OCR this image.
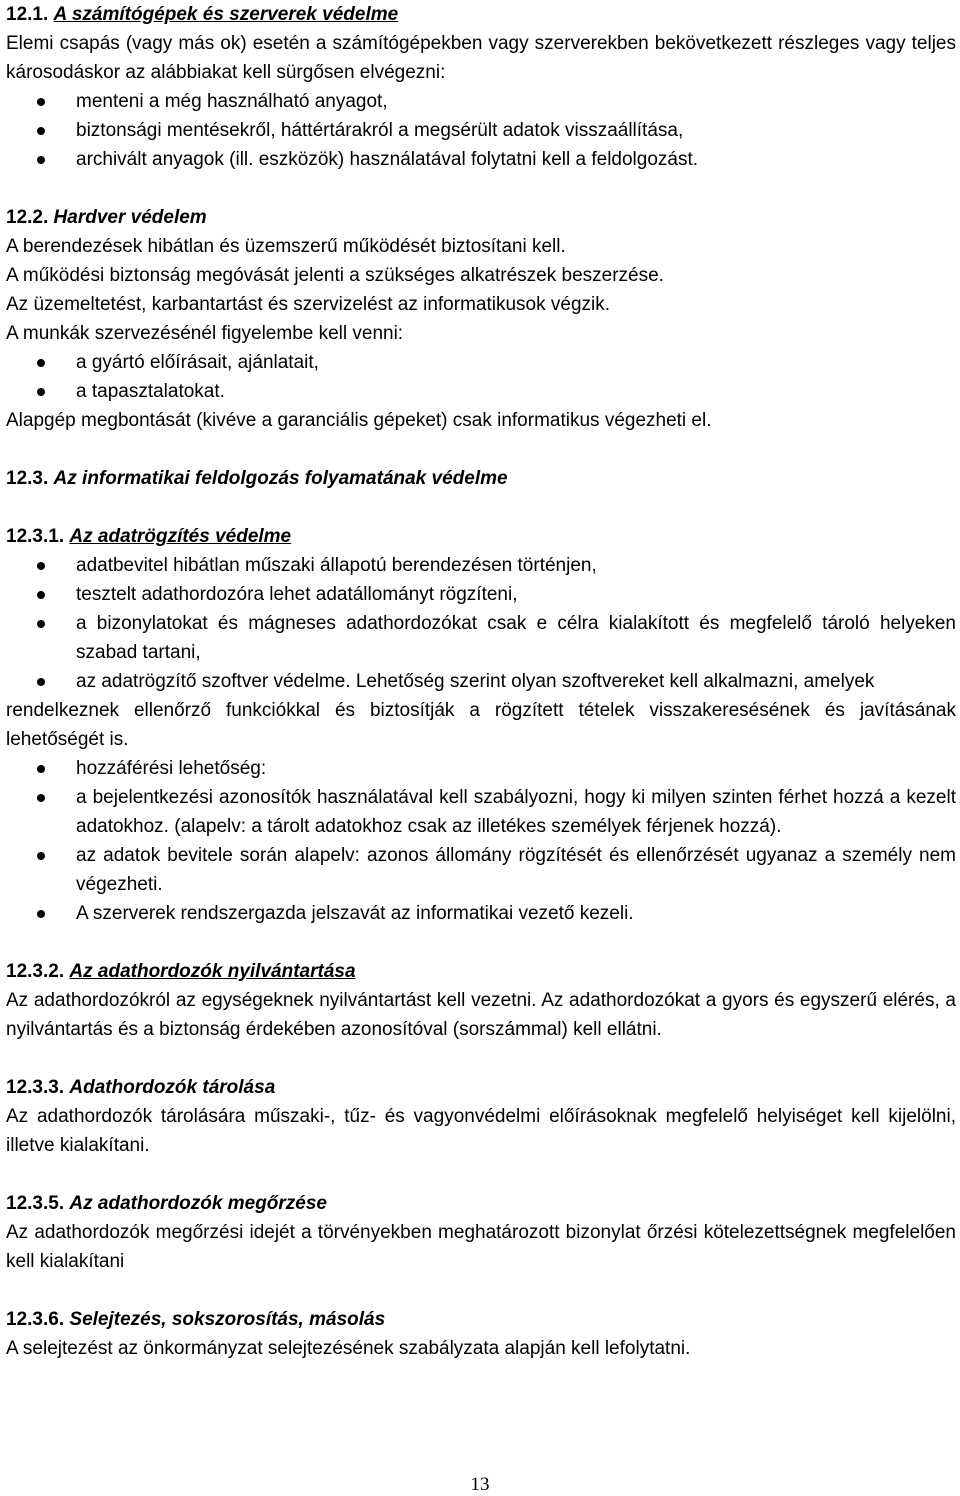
12.1. A számítógépek és szerverek védelme

Elemi csapás (vagy más ok) esetén a számítógépekben vagy szerverekben bekövetkezett részleges vagy teljes károsodáskor az alábbiakat kell sürgősen elvégezni:

menteni a még használható anyagot,
biztonsági mentésekről, háttértárakról a megsérült adatok visszaállítása,
archivált anyagok (ill. eszközök) használatával folytatni kell a feldolgozást.
12.2. Hardver védelem

A berendezések hibátlan és üzemszerű működését biztosítani kell.

A működési biztonság megóvását jelenti a szükséges alkatrészek beszerzése.

Az üzemeltetést, karbantartást és szervizelést az informatikusok végzik.

A munkák szervezésénél figyelembe kell venni:

a gyártó előírásait, ajánlatait,
a tapasztalatokat.

Alapgép megbontását (kivéve a garanciális gépeket) csak informatikus végezheti el.

12.3. Az informatikai feldolgozás folyamatának védelme
12.3.1. Az adatrögzítés védelme
adatbevitel hibátlan műszaki állapotú berendezésen történjen,
tesztelt adathordozóra lehet adatállományt rögzíteni,
a bizonylatokat és mágneses adathordozókat csak e célra kialakított és megfelelő tároló helyeken szabad tartani,
az adatrögzítő szoftver védelme. Lehetőség szerint olyan szoftvereket kell alkalmazni, amelyek

rendelkeznek ellenőrző funkciókkal és biztosítják a rögzített tételek visszakeresésének és javításának lehetőségét is.

hozzáférési lehetőség:
a bejelentkezési azonosítók használatával kell szabályozni, hogy ki milyen szinten férhet hozzá a kezelt adatokhoz. (alapelv: a tárolt adatokhoz csak az illetékes személyek férjenek hozzá).
az adatok bevitele során alapelv: azonos állomány rögzítését és ellenőrzését ugyanaz a személy nem végezheti.
A szerverek rendszergazda jelszavát az informatikai vezető kezeli.
12.3.2. Az adathordozók nyilvántartása

Az adathordozókról az egységeknek nyilvántartást kell vezetni. Az adathordozókat a gyors és egyszerű elérés, a nyilvántartás és a biztonság érdekében azonosítóval (sorszámmal) kell ellátni.

12.3.3. Adathordozók tárolása

Az adathordozók tárolására műszaki-, tűz- és vagyonvédelmi előírásoknak megfelelő helyiséget kell kijelölni, illetve kialakítani.

12.3.5. Az adathordozók megőrzése

Az adathordozók megőrzési idejét a törvényekben meghatározott bizonylat őrzési kötelezettségnek megfelelően kell kialakítani

12.3.6. Selejtezés, sokszorosítás, másolás

A selejtezést az önkormányzat selejtezésének szabályzata alapján kell lefolytatni.

13
